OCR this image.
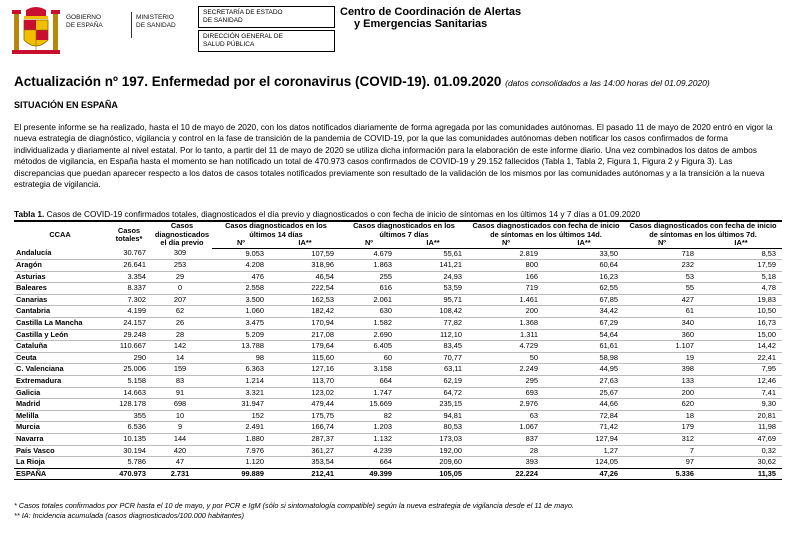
GOBIERNO
DE ESPAÑA
MINISTERIO
DE SANIDAD
SECRETARÍA DE ESTADO
DE SANIDAD
DIRECCIÓN GENERAL DE
SALUD PÚBLICA
Centro de Coordinación de Alertas
y Emergencias Sanitarias
Actualización nº 197. Enfermedad por el coronavirus (COVID-19). 01.09.2020 (datos consolidados a las 14:00 horas del 01.09.2020)
SITUACIÓN EN ESPAÑA
El presente informe se ha realizado, hasta el 10 de mayo de 2020, con los datos notificados diariamente de forma agregada por las comunidades autónomas. El pasado 11 de mayo de 2020 entró en vigor la nueva estrategia de diagnóstico, vigilancia y control en la fase de transición de la pandemia de COVID-19, por la que las comunidades autónomas deben notificar los casos confirmados de forma individualizada y diariamente al nivel estatal. Por lo tanto, a partir del 11 de mayo de 2020 se utiliza dicha información para la elaboración de este informe diario. Una vez combinados los datos de ambos métodos de vigilancia, en España hasta el momento se han notificado un total de 470.973 casos confirmados de COVID-19 y 29.152 fallecidos (Tabla 1, Tabla 2, Figura 1, Figura 2 y Figura 3). Las discrepancias que puedan aparecer respecto a los datos de casos totales notificados previamente son resultado de la validación de los mismos por las comunidades autónomas y a la transición a la nueva estrategia de vigilancia.
Tabla 1. Casos de COVID-19 confirmados totales, diagnosticados el día previo y diagnosticados o con fecha de inicio de síntomas en los últimos 14 y 7 días a 01.09.2020
CCAA	Casos totales*	Casos diagnosticados el día previo	Casos diagnosticados en los últimos 14 días		Casos diagnosticados en los últimos 7 días		Casos diagnosticados con fecha de inicio de síntomas en los últimos 14d.		Casos diagnosticados con fecha de inicio de síntomas en los últimos 7d.	
			Nº	IA**	Nº	IA**	Nº	IA**	Nº	IA**
Andalucía	30.767	309	9.053	107,59	4.679	55,61	2.819	33,50	718	8,53
Aragón	26.641	253	4.208	318,96	1.863	141,21	800	60,64	232	17,59
Asturias	3.354	29	476	46,54	255	24,93	166	16,23	53	5,18
Baleares	8.337	0	2.558	222,54	616	53,59	719	62,55	55	4,78
Canarias	7.302	207	3.500	162,53	2.061	95,71	1.461	67,85	427	19,83
Cantabria	4.199	62	1.060	182,42	630	108,42	200	34,42	61	10,50
Castilla La Mancha	24.157	26	3.475	170,94	1.582	77,82	1.368	67,29	340	16,73
Castilla y León	29.248	28	5.209	217,08	2.690	112,10	1.311	54,64	360	15,00
Cataluña	110.667	142	13.788	179,64	6.405	83,45	4.729	61,61	1.107	14,42
Ceuta	290	14	98	115,60	60	70,77	50	58,98	19	22,41
C. Valenciana	25.006	159	6.363	127,16	3.158	63,11	2.249	44,95	398	7,95
Extremadura	5.158	83	1.214	113,70	664	62,19	295	27,63	133	12,46
Galicia	14.663	91	3.321	123,02	1.747	64,72	693	25,67	200	7,41
Madrid	128.178	698	31.947	479,44	15.669	235,15	2.976	44,66	620	9,30
Melilla	355	10	152	175,75	82	94,81	63	72,84	18	20,81
Murcia	6.536	9	2.491	166,74	1.203	80,53	1.067	71,42	179	11,98
Navarra	10.135	144	1.880	287,37	1.132	173,03	837	127,94	312	47,69
País Vasco	30.194	420	7.976	361,27	4.239	192,00	28	1,27	7	0,32
La Rioja	5.786	47	1.120	353,54	664	209,60	393	124,05	97	30,62
ESPAÑA	470.973	2.731	99.889	212,41	49.399	105,05	22.224	47,26	5.336	11,35
* Casos totales confirmados por PCR hasta el 10 de mayo, y por PCR e IgM (sólo si sintomatología compatible) según la nueva estrategia de vigilancia desde el 11 de mayo.
** IA: Incidencia acumulada (casos diagnosticados/100.000 habitantes)
